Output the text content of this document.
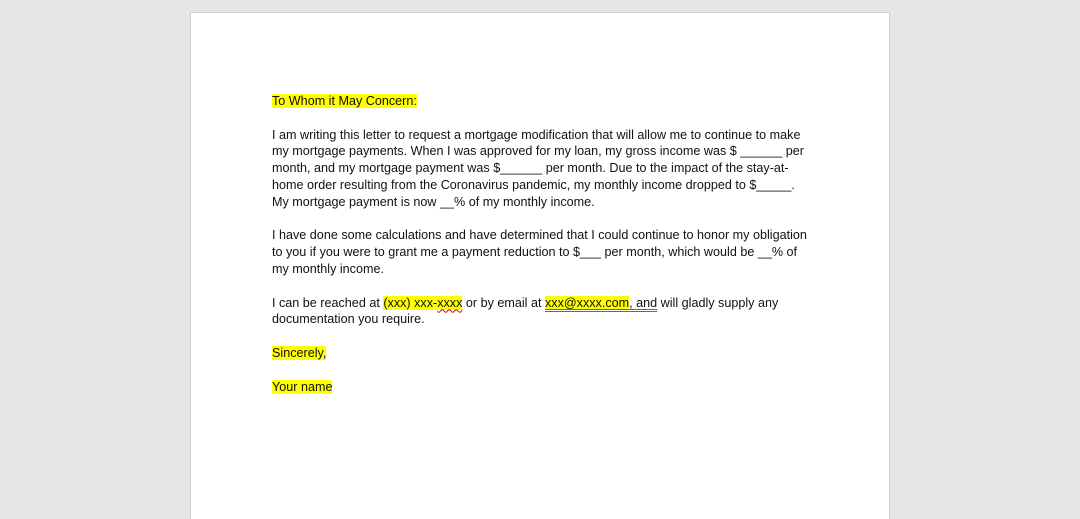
To Whom it May Concern:

I am writing this letter to request a mortgage modification that will allow me to continue to make my mortgage payments. When I was approved for my loan, my gross income was $ ______ per month, and my mortgage payment was $______ per month. Due to the impact of the stay-at-home order resulting from the Coronavirus pandemic, my monthly income dropped to $_____. My mortgage payment is now __% of my monthly income.

I have done some calculations and have determined that I could continue to honor my obligation to you if you were to grant me a payment reduction to $___ per month, which would be __% of my monthly income.

I can be reached at (xxx) xxx-xxxx or by email at xxx@xxxx.com, and will gladly supply any documentation you require.

Sincerely,

Your name
